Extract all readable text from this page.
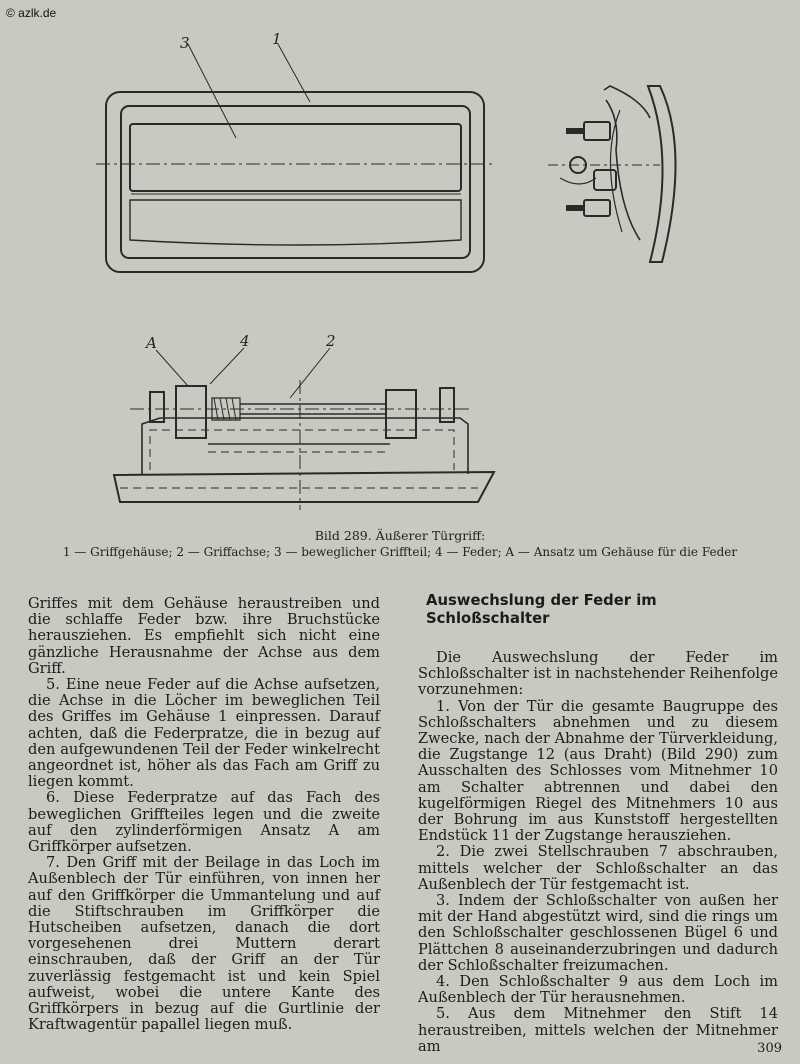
© azlk.de
3	1
A	4	2
Bild 289. Äußerer Türgriff:
1 — Griffgehäuse; 2 — Griffachse; 3 — beweglicher Griffteil; 4 — Feder; A — Ansatz um Gehäuse für die Feder

Griffes mit dem Gehäuse heraustreiben und die schlaffe Feder bzw. ihre Bruchstücke herausziehen. Es empfiehlt sich nicht eine gänzliche Herausnahme der Achse aus dem Griff.

5. Eine neue Feder auf die Achse aufsetzen, die Achse in die Löcher im beweglichen Teil des Griffes im Gehäuse 1 einpressen. Darauf achten, daß die Federpratze, die in bezug auf den aufgewundenen Teil der Feder winkelrecht angeordnet ist, höher als das Fach am Griff zu liegen kommt.

6. Diese Federpratze auf das Fach des beweglichen Griffteiles legen und die zweite auf den zylinderförmigen Ansatz A am Griffkörper aufsetzen.

7. Den Griff mit der Beilage in das Loch im Außenblech der Tür einführen, von innen her auf den Griffkörper die Ummantelung und auf die Stiftschrauben im Griffkörper die Hutscheiben aufsetzen, danach die dort vorgesehenen drei Muttern derart einschrauben, daß der Griff an der Tür zuverlässig festgemacht ist und kein Spiel aufweist, wobei die untere Kante des Griffkörpers in bezug auf die Gurtlinie der Kraftwagentür papallel liegen muß.

Auswechslung der Feder im Schloßschalter

Die Auswechslung der Feder im Schloßschalter ist in nachstehender Reihenfolge vorzunehmen:

1. Von der Tür die gesamte Baugruppe des Schloßschalters abnehmen und zu diesem Zwecke, nach der Abnahme der Türverkleidung, die Zugstange 12 (aus Draht) (Bild 290) zum Ausschalten des Schlosses vom Mitnehmer 10 am Schalter abtrennen und dabei den kugelförmigen Riegel des Mitnehmers 10 aus der Bohrung im aus Kunststoff hergestellten Endstück 11 der Zugstange herausziehen.

2. Die zwei Stellschrauben 7 abschrauben, mittels welcher der Schloßschalter an das Außenblech der Tür festgemacht ist.

3. Indem der Schloßschalter von außen her mit der Hand abgestützt wird, sind die rings um den Schloßschalter geschlossenen Bügel 6 und Plättchen 8 auseinanderzubringen und dadurch der Schloßschalter freizumachen.

4. Den Schloßschalter 9 aus dem Loch im Außenblech der Tür herausnehmen.

5. Aus dem Mitnehmer den Stift 14 heraustreiben, mittels welchen der Mitnehmer am	309
